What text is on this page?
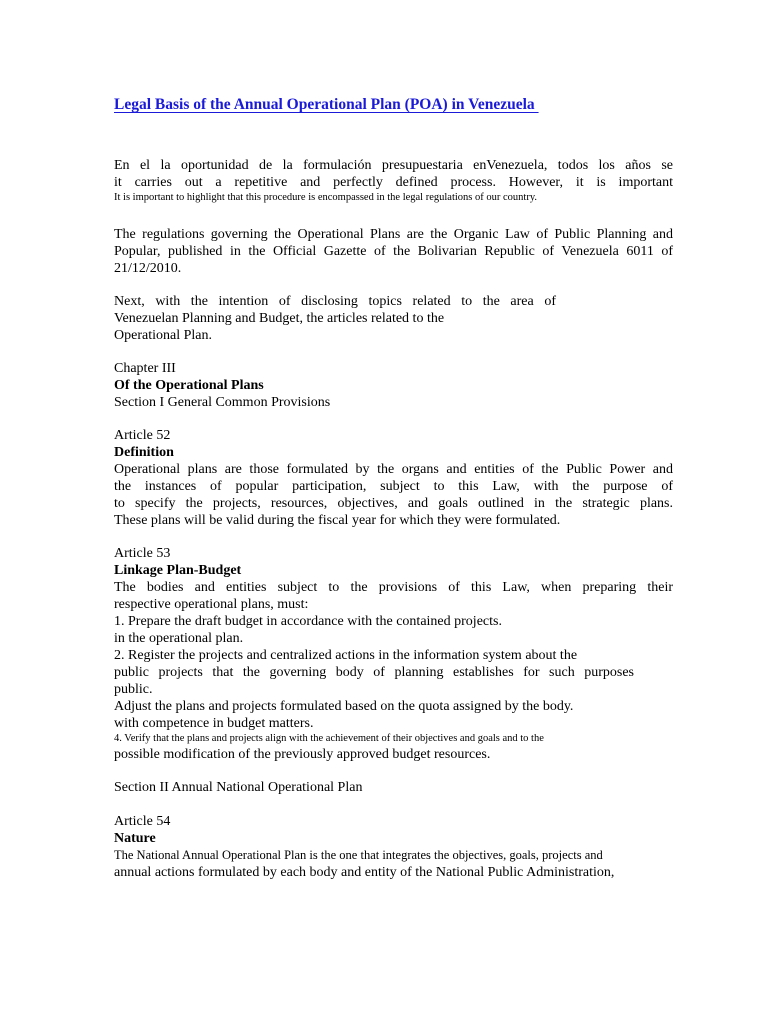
Legal Basis of the Annual Operational Plan (POA) in Venezuela
En el la oportunidad de la formulación presupuestaria enVenezuela, todos los años se
it carries out a repetitive and perfectly defined process. However, it is important
It is important to highlight that this procedure is encompassed in the legal regulations of our country.
The regulations governing the Operational Plans are the Organic Law of Public Planning and
Popular, published in the Official Gazette of the Bolivarian Republic of Venezuela 6011 of
21/12/2010.
Next, with the intention of disclosing topics related to the area of
Venezuelan Planning and Budget, the articles related to the
Operational Plan.
Chapter III
Of the Operational Plans
Section I General Common Provisions
Article 52
Definition
Operational plans are those formulated by the organs and entities of the Public Power and
the instances of popular participation, subject to this Law, with the purpose of
to specify the projects, resources, objectives, and goals outlined in the strategic plans.
These plans will be valid during the fiscal year for which they were formulated.
Article 53
Linkage Plan-Budget
The bodies and entities subject to the provisions of this Law, when preparing their
respective operational plans, must:
1. Prepare the draft budget in accordance with the contained projects.
in the operational plan.
2. Register the projects and centralized actions in the information system about the
public projects that the governing body of planning establishes for such purposes
public.
Adjust the plans and projects formulated based on the quota assigned by the body.
with competence in budget matters.
4. Verify that the plans and projects align with the achievement of their objectives and goals and to the
possible modification of the previously approved budget resources.
Section II Annual National Operational Plan
Article 54
Nature
The National Annual Operational Plan is the one that integrates the objectives, goals, projects and
annual actions formulated by each body and entity of the National Public Administration,
